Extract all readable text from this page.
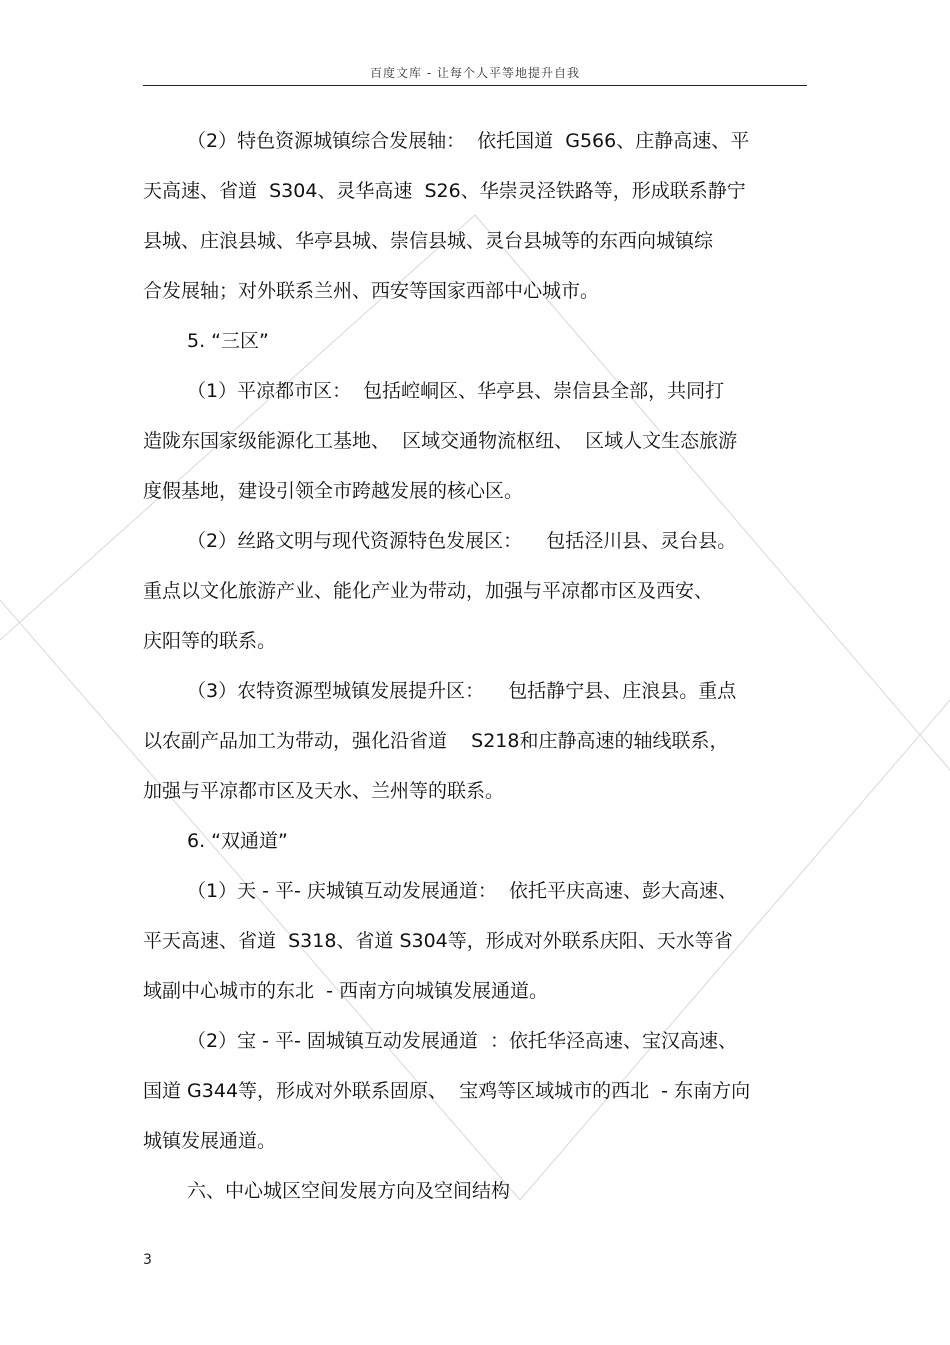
百度文库 - 让每个人平等地提升自我
（2）特色资源城镇综合发展轴：  依托国道  G566、庄静高速、平
天高速、省道  S304、灵华高速  S26、华崇灵泾铁路等，形成联系静宁
县城、庄浪县城、华亭县城、崇信县城、灵台县城等的东西向城镇综
合发展轴；对外联系兰州、西安等国家西部中心城市。
5. “三区”
（1）平凉都市区：  包括崆峒区、华亭县、崇信县全部，共同打
造陇东国家级能源化工基地、  区域交通物流枢纽、  区域人文生态旅游
度假基地，建设引领全市跨越发展的核心区。
（2）丝路文明与现代资源特色发展区：    包括泾川县、灵台县。
重点以文化旅游产业、能化产业为带动，加强与平凉都市区及西安、
庆阳等的联系。
（3）农特资源型城镇发展提升区：    包括静宁县、庄浪县。重点
以农副产品加工为带动，强化沿省道    S218和庄静高速的轴线联系，
加强与平凉都市区及天水、兰州等的联系。
6. “双通道”
（1）天 - 平- 庆城镇互动发展通道：  依托平庆高速、彭大高速、
平天高速、省道  S318、省道 S304等，形成对外联系庆阳、天水等省
域副中心城市的东北  - 西南方向城镇发展通道。
（2）宝 - 平- 固城镇互动发展通道  ：依托华泾高速、宝汉高速、
国道 G344等，形成对外联系固原、  宝鸡等区域城市的西北  - 东南方向
城镇发展通道。
六、中心城区空间发展方向及空间结构
3
